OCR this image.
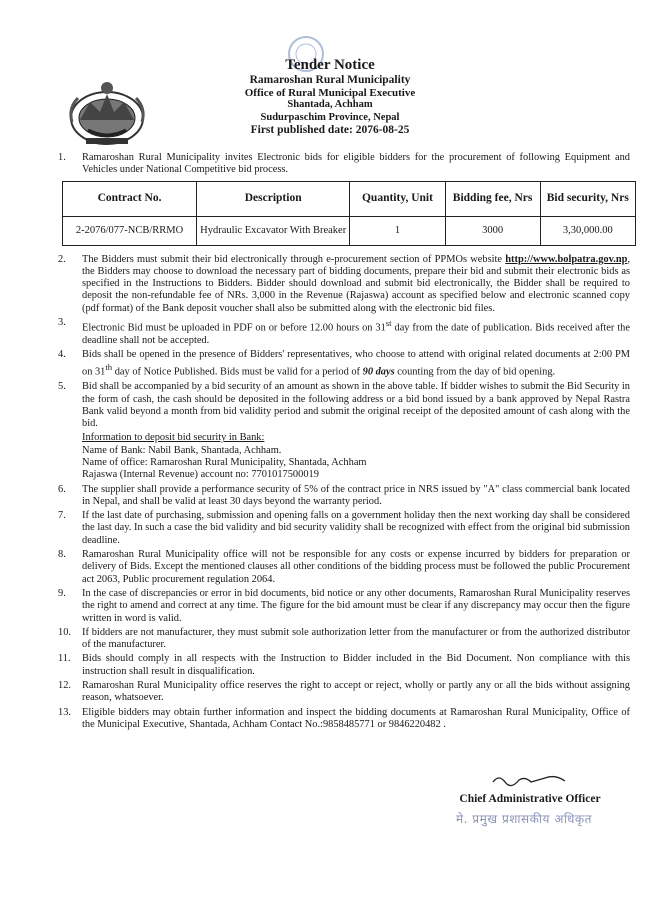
Tender Notice
Ramaroshan Rural Municipality
Office of Rural Municipal Executive
Shantada, Achham
Sudurpaschim Province, Nepal
First published date: 2076-08-25
1.	Ramaroshan Rural Municipality invites Electronic bids for eligible bidders for the procurement of following Equipment and Vehicles under National Competitive bid process.
Contract No.	Description	Quantity, Unit	Bidding fee, Nrs	Bid security, Nrs
2-2076/077-NCB/RRMO	Hydraulic Excavator With Breaker	1	3000	3,30,000.00
2.	The Bidders must submit their bid electronically through e-procurement section of PPMOs website http://www.bolpatra.gov.np, the Bidders may choose to download the necessary part of bidding documents, prepare their bid and submit their electronic bids as specified in the Instructions to Bidders. Bidder should download and submit bid electronically, the Bidder shall be required to deposit the non-refundable fee of NRs. 3,000 in the Revenue (Rajaswa) account as specified below and electronic scanned copy (pdf format) of the Bank deposit voucher shall also be submitted along with the electronic bid files.
3.	Electronic Bid must be uploaded in PDF on or before 12.00 hours on 31st day from the date of publication. Bids received after the deadline shall not be accepted.
4.	Bids shall be opened in the presence of Bidders' representatives, who choose to attend with original related documents at 2:00 PM on 31th day of Notice Published. Bids must be valid for a period of 90 days counting from the day of bid opening.
5.	Bid shall be accompanied by a bid security of an amount as shown in the above table. If bidder wishes to submit the Bid Security in the form of cash, the cash should be deposited in the following address or a bid bond issued by a bank approved by Nepal Rastra Bank valid beyond a month from bid validity period and submit the original receipt of the deposited amount of cash along with the bid.
Information to deposit bid security in Bank:
Name of Bank: Nabil Bank, Shantada, Achham.
Name of office: Ramaroshan Rural Municipality, Shantada, Achham
Rajaswa (Internal Revenue) account no: 7701017500019
6.	The supplier shall provide a performance security of 5% of the contract price in NRS issued by "A" class commercial bank located in Nepal, and shall be valid at least 30 days beyond the warranty period.
7.	If the last date of purchasing, submission and opening falls on a government holiday then the next working day shall be considered the last day. In such a case the bid validity and bid security validity shall be recognized with effect from the original bid submission deadline.
8.	Ramaroshan Rural Municipality office will not be responsible for any costs or expense incurred by bidders for preparation or delivery of Bids. Except the mentioned clauses all other conditions of the bidding process must be followed the public Procurement act 2063, Public procurement regulation 2064.
9.	In the case of discrepancies or error in bid documents, bid notice or any other documents, Ramaroshan Rural Municipality reserves the right to amend and correct at any time. The figure for the bid amount must be clear if any discrepancy may occur then the figure written in word is valid.
10.	If bidders are not manufacturer, they must submit sole authorization letter from the manufacturer or from the authorized distributor of the manufacturer.
11.	Bids should comply in all respects with the Instruction to Bidder included in the Bid Document. Non compliance with this instruction shall result in disqualification.
12.	Ramaroshan Rural Municipality office reserves the right to accept or reject, wholly or partly any or all the bids without assigning reason, whatsoever.
13.	Eligible bidders may obtain further information and inspect the bidding documents at Ramaroshan Rural Municipality, Office of the Municipal Executive, Shantada, Achham Contact No.:9858485771 or 9846220482 .
Chief Administrative Officer
मे. प्रमुख प्रशासकीय अधिकृत
